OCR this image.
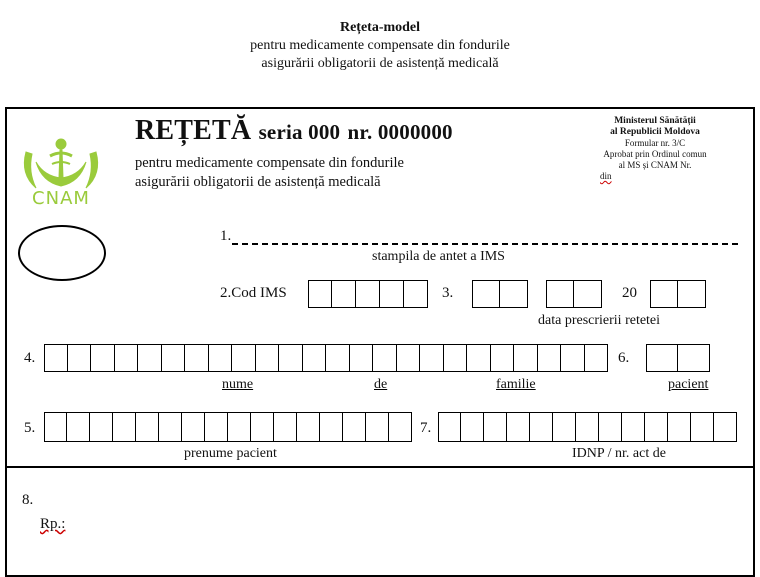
Rețeta-model
pentru medicamente compensate din fondurile
asigurării obligatorii de asistență medicală
CNAM
REȚETĂ seria 000 nr. 0000000
pentru medicamente compensate din fondurile
asigurării obligatorii de asistență medicală
Ministerul Sănătății
al Republicii Moldova
Formular nr. 3/C
Aprobat prin Ordinul comun
al MS și CNAM Nr.
din
1.
stampila de antet a IMS
2.Cod IMS	3.	20
data prescrierii retetei
4.	6.
nume	de	familie	pacient
5.	7.
prenume pacient	IDNP / nr. act de
8.
Rp.:
